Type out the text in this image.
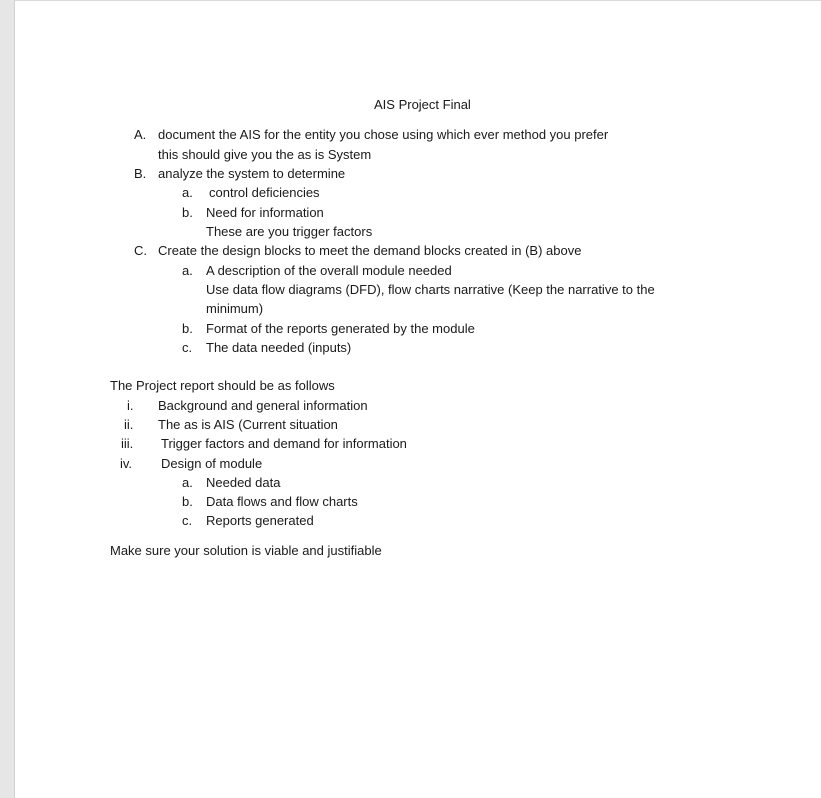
AIS Project Final
A. document the AIS for the entity you chose using which ever method you prefer
this should give you the as is System
B. analyze the system to determine
a. control deficiencies
b. Need for information
These are you trigger factors
C. Create the design blocks to meet the demand blocks created in (B) above
a. A description of the overall module needed
Use data flow diagrams (DFD), flow charts narrative (Keep the narrative to the
minimum)
b. Format of the reports generated by the module
c. The data needed (inputs)
The Project report should be as follows
i. Background and general information
ii. The as is AIS (Current situation
iii. Trigger factors and demand for information
iv. Design of module
a. Needed data
b. Data flows and flow charts
c. Reports generated
Make sure your solution is viable and justifiable
